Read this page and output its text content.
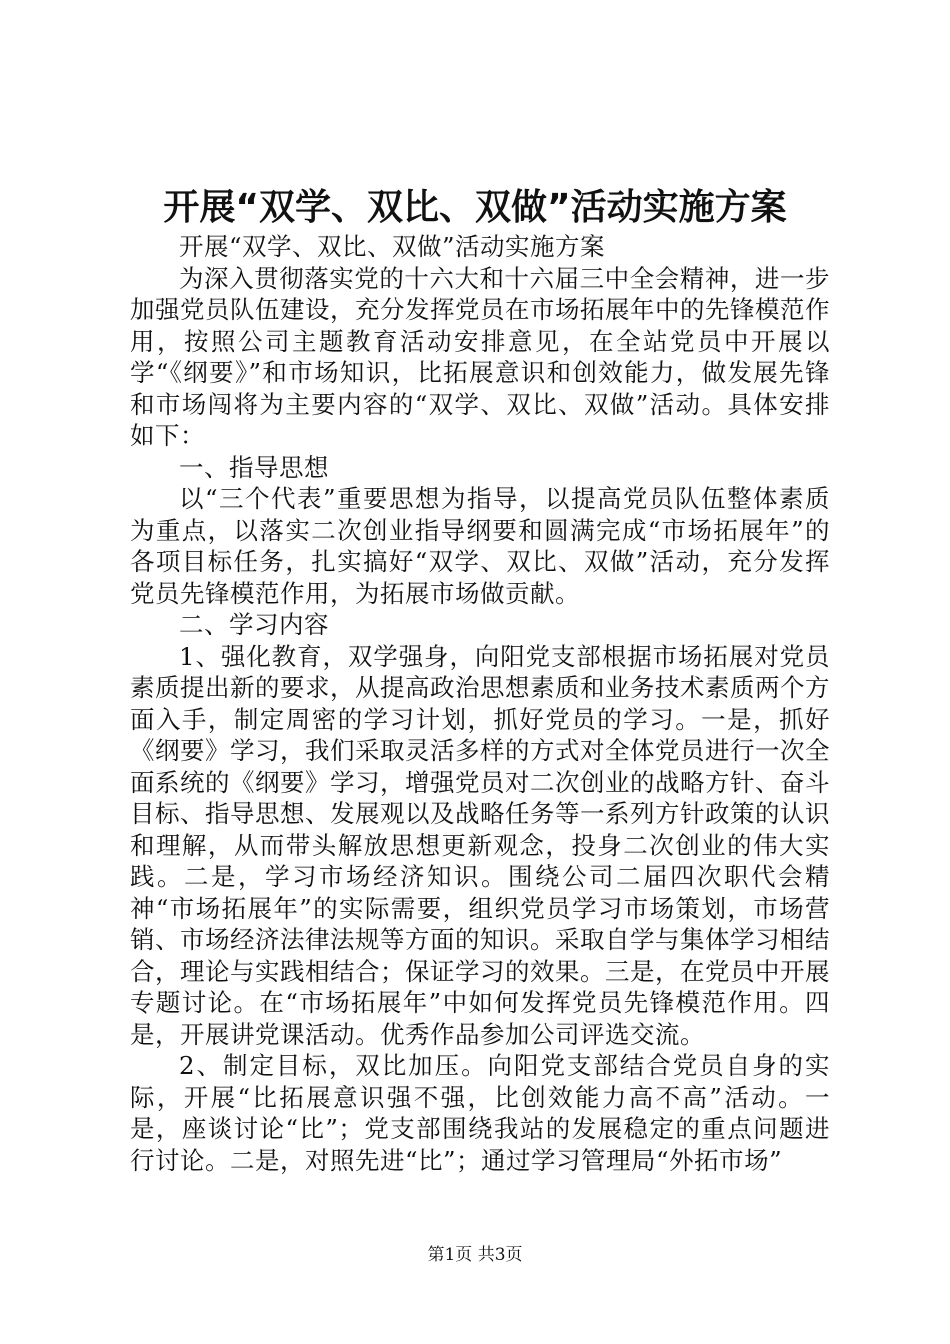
开展“双学、双比、双做”活动实施方案

开展“双学、双比、双做”活动实施方案

为深入贯彻落实党的十六大和十六届三中全会精神，进一步加强党员队伍建设，充分发挥党员在市场拓展年中的先锋模范作用，按照公司主题教育活动安排意见，在全站党员中开展以学“《纲要》”和市场知识，比拓展意识和创效能力，做发展先锋和市场闯将为主要内容的“双学、双比、双做”活动。具体安排如下：

一、指导思想

以“三个代表”重要思想为指导，以提高党员队伍整体素质为重点，以落实二次创业指导纲要和圆满完成“市场拓展年”的各项目标任务，扎实搞好“双学、双比、双做”活动，充分发挥党员先锋模范作用，为拓展市场做贡献。

二、学习内容

1、强化教育，双学强身，向阳党支部根据市场拓展对党员素质提出新的要求，从提高政治思想素质和业务技术素质两个方面入手，制定周密的学习计划，抓好党员的学习。一是，抓好《纲要》学习，我们采取灵活多样的方式对全体党员进行一次全面系统的《纲要》学习，增强党员对二次创业的战略方针、奋斗目标、指导思想、发展观以及战略任务等一系列方针政策的认识和理解，从而带头解放思想更新观念，投身二次创业的伟大实践。二是，学习市场经济知识。围绕公司二届四次职代会精神“市场拓展年”的实际需要，组织党员学习市场策划，市场营销、市场经济法律法规等方面的知识。采取自学与集体学习相结合，理论与实践相结合；保证学习的效果。三是，在党员中开展专题讨论。在“市场拓展年”中如何发挥党员先锋模范作用。四是，开展讲党课活动。优秀作品参加公司评选交流。

2、制定目标，双比加压。向阳党支部结合党员自身的实际，开展“比拓展意识强不强，比创效能力高不高”活动。一是，座谈讨论“比”；党支部围绕我站的发展稳定的重点问题进行讨论。二是，对照先进“比”；通过学习管理局“外拓市场”

第1页 共3页
